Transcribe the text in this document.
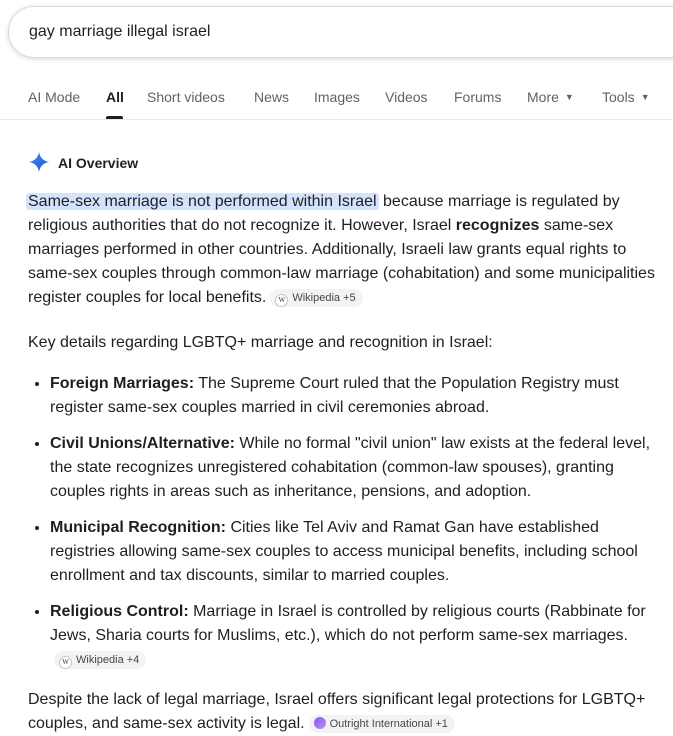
gay marriage illegal israel
AI Mode All Short videos News Images Videos Forums More ▼ Tools ▼
AI Overview

Same-sex marriage is not performed within Israel because marriage is regulated by religious authorities that do not recognize it. However, Israel recognizes same-sex marriages performed in other countries. Additionally, Israeli law grants equal rights to same-sex couples through common-law marriage (cohabitation) and some municipalities register couples for local benefits. W Wikipedia +5

Key details regarding LGBTQ+ marriage and recognition in Israel:

• Foreign Marriages: The Supreme Court ruled that the Population Registry must register same-sex couples married in civil ceremonies abroad.
• Civil Unions/Alternative: While no formal "civil union" law exists at the federal level, the state recognizes unregistered cohabitation (common-law spouses), granting couples rights in areas such as inheritance, pensions, and adoption.
• Municipal Recognition: Cities like Tel Aviv and Ramat Gan have established registries allowing same-sex couples to access municipal benefits, including school enrollment and tax discounts, similar to married couples.
• Religious Control: Marriage in Israel is controlled by religious courts (Rabbinate for Jews, Sharia courts for Muslims, etc.), which do not perform same-sex marriages.W Wikipedia +4

Despite the lack of legal marriage, Israel offers significant legal protections for LGBTQ+ couples, and same-sex activity is legal. Outright International +1
